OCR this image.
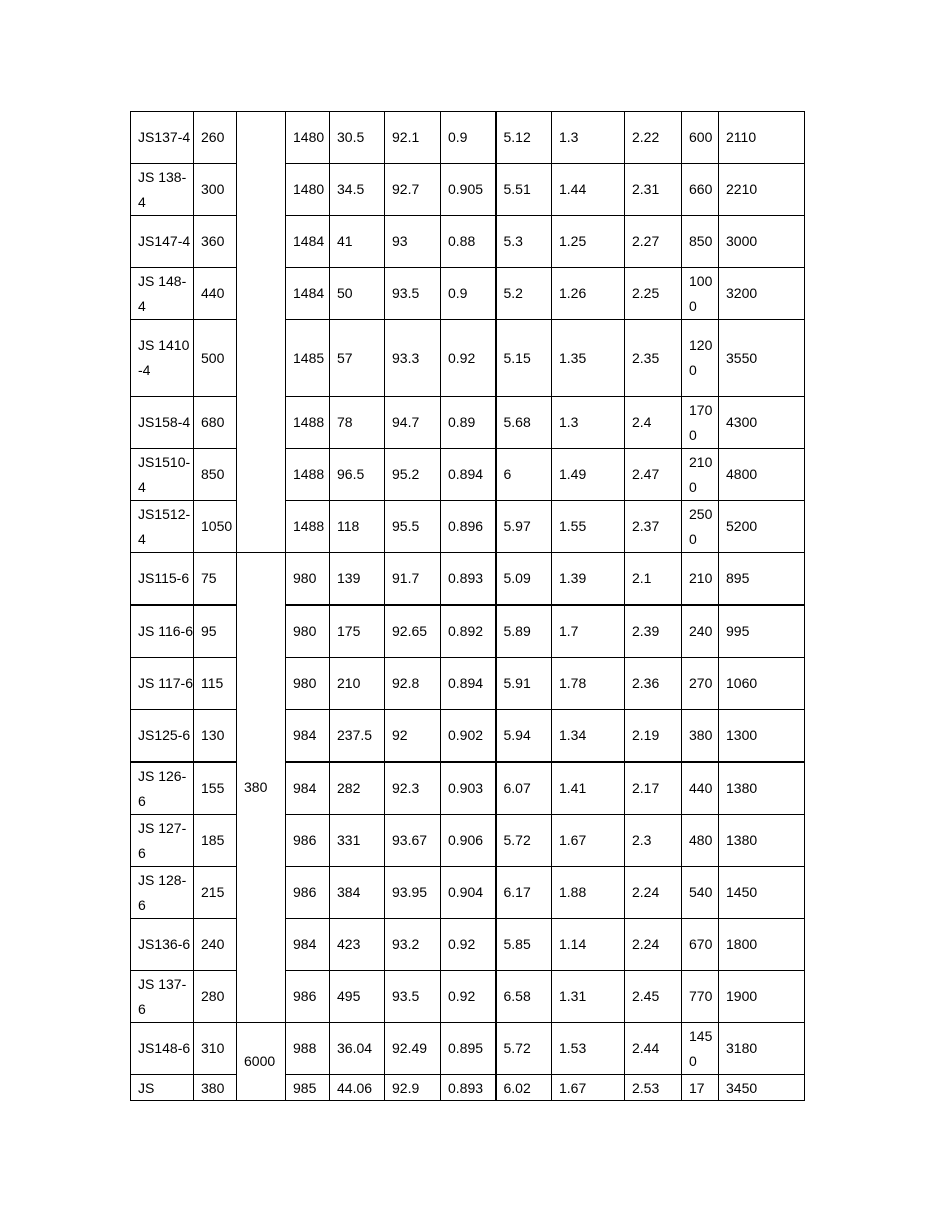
JS137-4	260		1480	30.5	92.1	0.9	5.12	1.3	2.22	600	2110
JS 138-4	300		1480	34.5	92.7	0.905	5.51	1.44	2.31	660	2210
JS147-4	360		1484	41	93	0.88	5.3	1.25	2.27	850	3000
JS 148-4	440		1484	50	93.5	0.9	5.2	1.26	2.25	1000	3200
JS 1410-4	500		1485	57	93.3	0.92	5.15	1.35	2.35	1200	3550
JS158-4	680		1488	78	94.7	0.89	5.68	1.3	2.4	1700	4300
JS1510-4	850		1488	96.5	95.2	0.894	6	1.49	2.47	2100	4800
JS1512-4	1050		1488	118	95.5	0.896	5.97	1.55	2.37	2500	5200
JS115-6	75	380	980	139	91.7	0.893	5.09	1.39	2.1	210	895
JS 116-6	95		980	175	92.65	0.892	5.89	1.7	2.39	240	995
JS 117-6	115		980	210	92.8	0.894	5.91	1.78	2.36	270	1060
JS125-6	130		984	237.5	92	0.902	5.94	1.34	2.19	380	1300
JS 126-6	155		984	282	92.3	0.903	6.07	1.41	2.17	440	1380
JS 127-6	185		986	331	93.67	0.906	5.72	1.67	2.3	480	1380
JS 128-6	215		986	384	93.95	0.904	6.17	1.88	2.24	540	1450
JS136-6	240		984	423	93.2	0.92	5.85	1.14	2.24	670	1800
JS 137-6	280		986	495	93.5	0.92	6.58	1.31	2.45	770	1900
JS148-6	310	6000	988	36.04	92.49	0.895	5.72	1.53	2.44	1450	3180
JS	380		985	44.06	92.9	0.893	6.02	1.67	2.53	17	3450
